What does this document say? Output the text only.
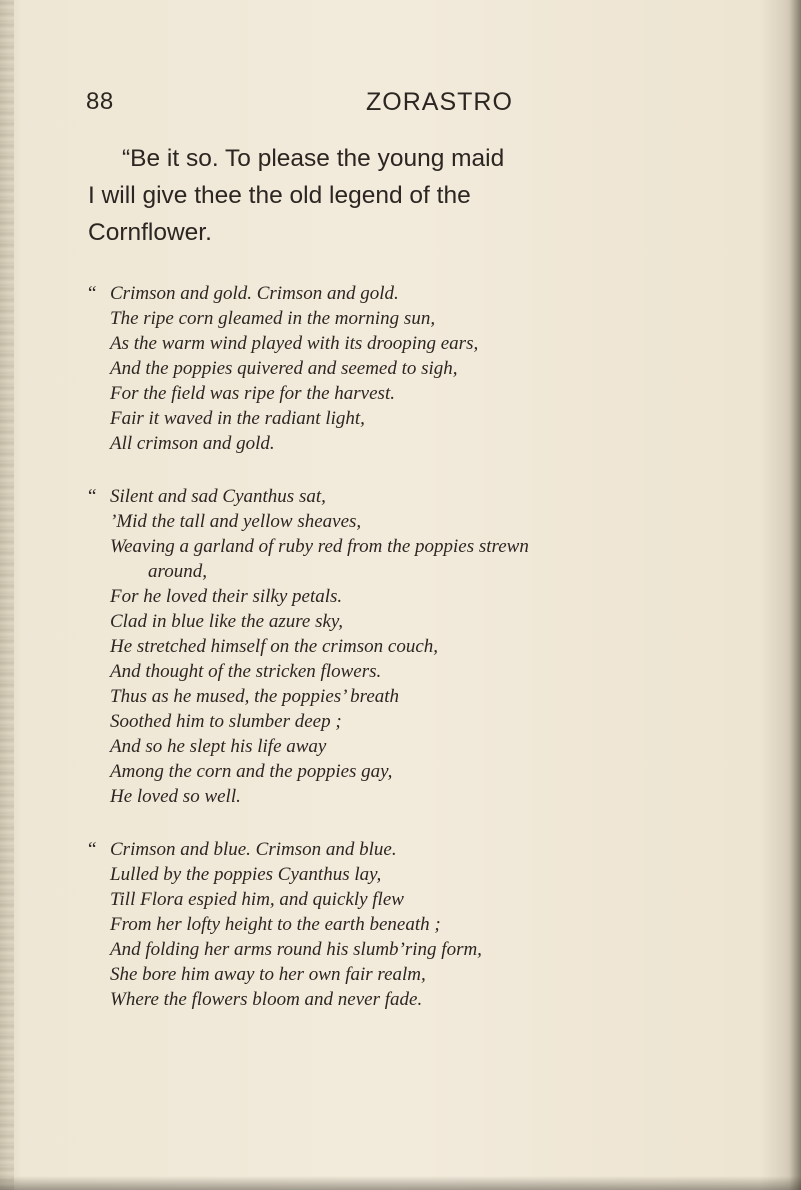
88	ZORASTRO

“Be it so. To please the young maid
I will give thee the old legend of the
Cornflower.

“ Crimson and gold. Crimson and gold.
The ripe corn gleamed in the morning sun,
As the warm wind played with its drooping ears,
And the poppies quivered and seemed to sigh,
For the field was ripe for the harvest.
Fair it waved in the radiant light,
All crimson and gold.
“ Silent and sad Cyanthus sat,
’Mid the tall and yellow sheaves,
Weaving a garland of ruby red from the poppies strewn
around,
For he loved their silky petals.
Clad in blue like the azure sky,
He stretched himself on the crimson couch,
And thought of the stricken flowers.
Thus as he mused, the poppies’ breath
Soothed him to slumber deep ;
And so he slept his life away
Among the corn and the poppies gay,
He loved so well.
“ Crimson and blue. Crimson and blue.
Lulled by the poppies Cyanthus lay,
Till Flora espied him, and quickly flew
From her lofty height to the earth beneath ;
And folding her arms round his slumb’ring form,
She bore him away to her own fair realm,
Where the flowers bloom and never fade.
